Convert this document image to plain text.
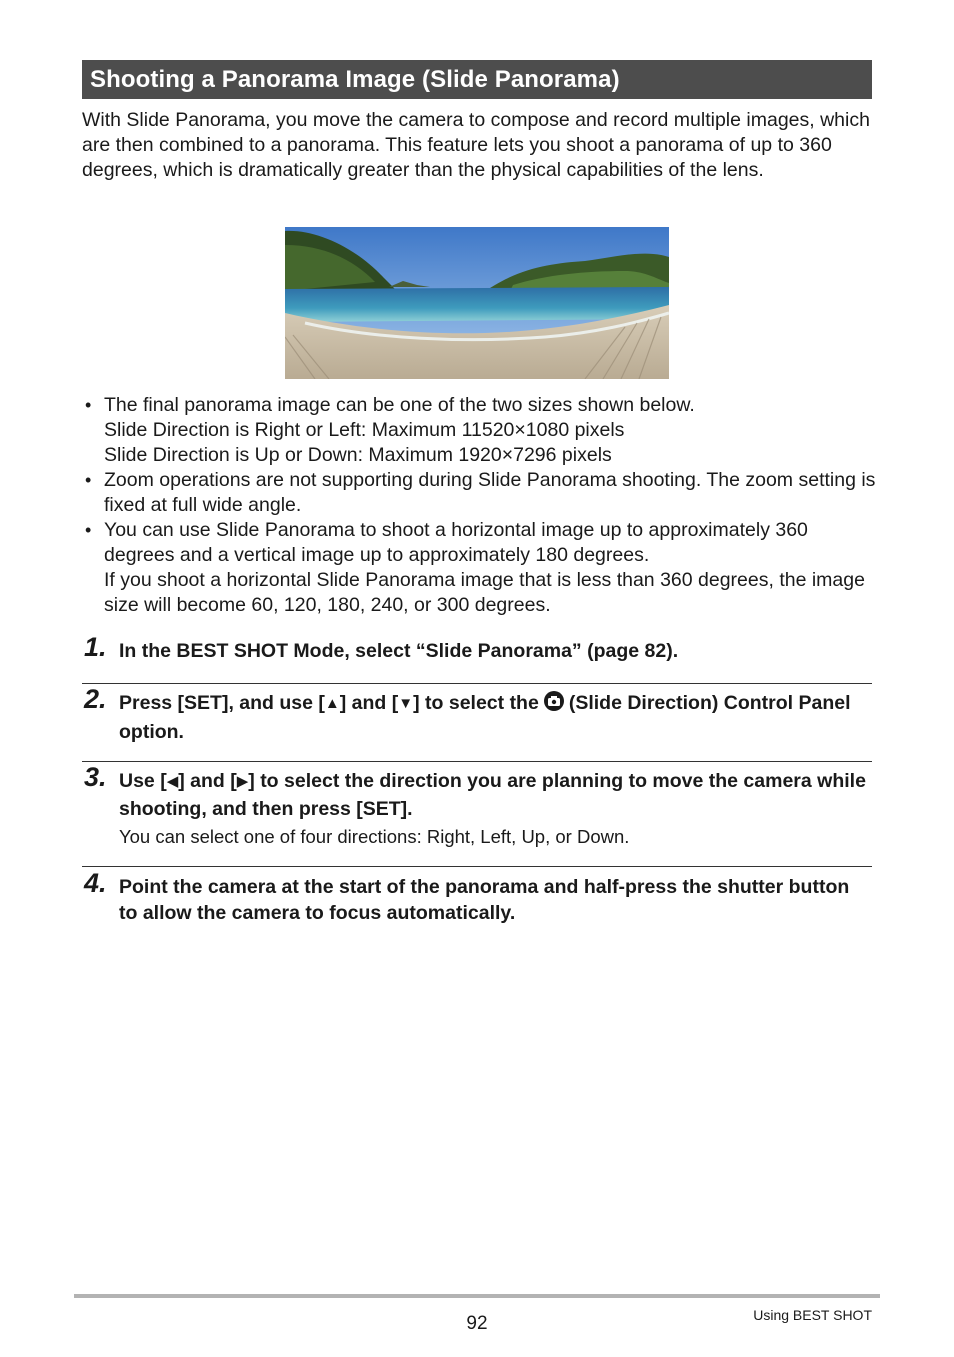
Shooting a Panorama Image (Slide Panorama)

With Slide Panorama, you move the camera to compose and record multiple images, which are then combined to a panorama. This feature lets you shoot a panorama of up to 360 degrees, which is dramatically greater than the physical capabilities of the lens.

• The final panorama image can be one of the two sizes shown below.
Slide Direction is Right or Left: Maximum 11520×1080 pixels
Slide Direction is Up or Down: Maximum 1920×7296 pixels
• Zoom operations are not supporting during Slide Panorama shooting. The zoom setting is fixed at full wide angle.
• You can use Slide Panorama to shoot a horizontal image up to approximately 360 degrees and a vertical image up to approximately 180 degrees.
If you shoot a horizontal Slide Panorama image that is less than 360 degrees, the image size will become 60, 120, 180, 240, or 300 degrees.
1. In the BEST SHOT Mode, select “Slide Panorama” (page 82).
2. Press [SET], and use [▲] and [▼] to select the (Slide Direction) Control Panel option.
3. Use [◀] and [▶] to select the direction you are planning to move the camera while shooting, and then press [SET].
You can select one of four directions: Right, Left, Up, or Down.
4. Point the camera at the start of the panorama and half-press the shutter button to allow the camera to focus automatically.
92	Using BEST SHOT
